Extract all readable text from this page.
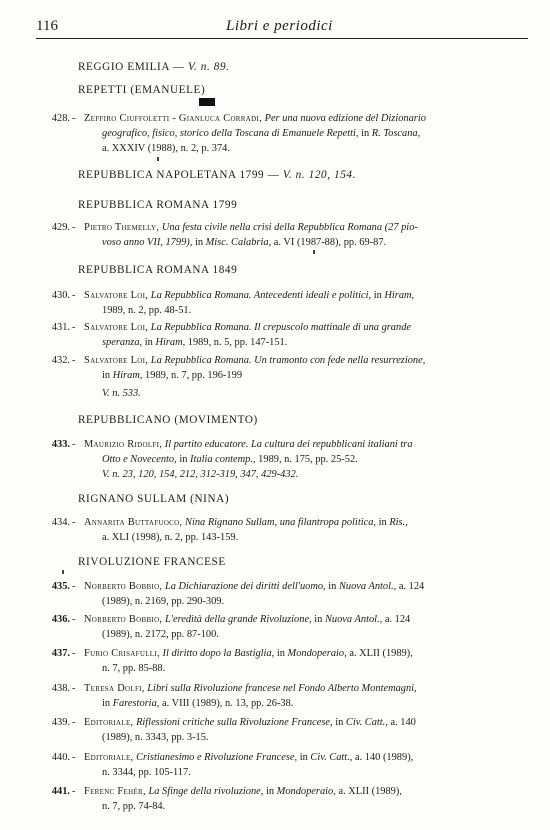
116	Libri e periodici
REGGIO EMILIA — V. n. 89.
REPETTI (EMANUELE)
428. - Zeffiro Ciuffoletti - Gianluca Corradi, Per una nuova edizione del Dizionario
geografico, fisico, storico della Toscana di Emanuele Repetti, in R. Toscana,
a. XXXIV (1988), n. 2, p. 374.
REPUBBLICA NAPOLETANA 1799 — V. n. 120, 154.
REPUBBLICA ROMANA 1799
429. - Pietro Themelly, Una festa civile nella crisi della Repubblica Romana (27 pio-
voso anno VII, 1799), in Misc. Calabria, a. VI (1987-88), pp. 69-87.
REPUBBLICA ROMANA 1849
430. - Salvatore Loi, La Repubblica Romana. Antecedenti ideali e politici, in Hiram,
1989, n. 2, pp. 48-51.
431. - Salvatore Loi, La Repubblica Romana. Il crepuscolo mattinale di una grande
speranza, in Hiram, 1989, n. 5, pp. 147-151.
432. - Salvatore Loi, La Repubblica Romana. Un tramonto con fede nella resurrezione,
in Hiram, 1989, n. 7, pp. 196-199
V. n. 533.
REPUBBLICANO (MOVIMENTO)
433. - Maurizio Ridolfi, Il partito educatore. La cultura dei repubblicani italiani tra
Otto e Novecento, in Italia contemp., 1989, n. 175, pp. 25-52.
V. n. 23, 120, 154, 212, 312-319, 347, 429-432.
RIGNANO SULLAM (NINA)
434. - Annarita Buttafuoco, Nina Rignano Sullam, una filantropa politica, in Ris.,
a. XLI (1998), n. 2, pp. 143-159.
RIVOLUZIONE FRANCESE
435. - Norberto Bobbio, La Dichiarazione dei diritti dell'uomo, in Nuova Antol., a. 124
(1989), n. 2169, pp. 290-309.
436. - Norberto Bobbio, L'eredità della grande Rivoluzione, in Nuova Antol., a. 124
(1989), n. 2172, pp. 87-100.
437. - Furio Crisafulli, Il diritto dopo la Bastiglia, in Mondoperaio, a. XLII (1989),
n. 7, pp. 85-88.
438. - Teresa Dolfi, Libri sulla Rivoluzione francese nel Fondo Alberto Montemagni,
in Farestoria, a. VIII (1989), n. 13, pp. 26-38.
439. - Editoriale, Riflessioni critiche sulla Rivoluzione Francese, in Civ. Catt., a. 140
(1989), n. 3343, pp. 3-15.
440. - Editoriale, Cristianesimo e Rivoluzione Francese, in Civ. Catt., a. 140 (1989),
n. 3344, pp. 105-117.
441. - Ferenc Fehér, La Sfinge della rivoluzione, in Mondoperaio, a. XLII (1989),
n. 7, pp. 74-84.
